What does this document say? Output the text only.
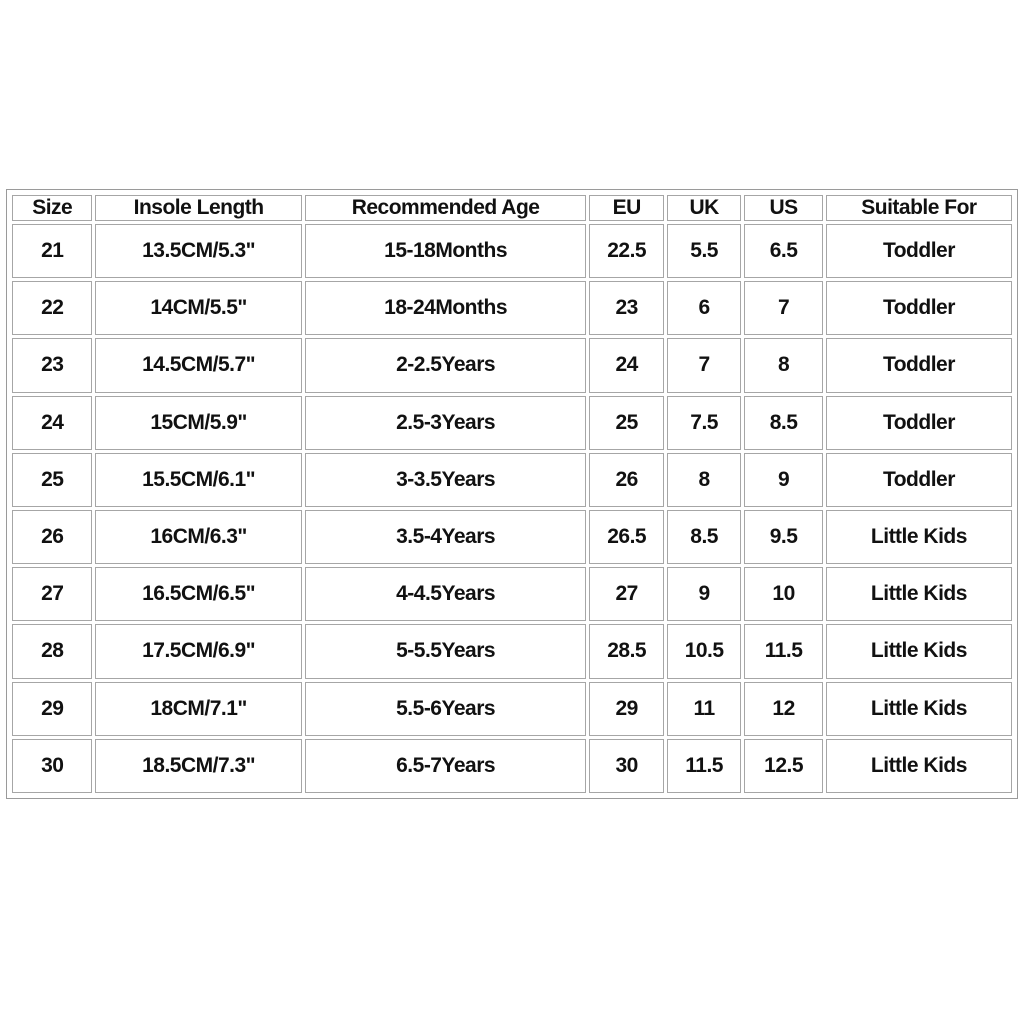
Size	Insole Length	Recommended Age	EU	UK	US	Suitable For
21	13.5CM/5.3"	15-18Months	22.5	5.5	6.5	Toddler
22	14CM/5.5"	18-24Months	23	6	7	Toddler
23	14.5CM/5.7"	2-2.5Years	24	7	8	Toddler
24	15CM/5.9"	2.5-3Years	25	7.5	8.5	Toddler
25	15.5CM/6.1"	3-3.5Years	26	8	9	Toddler
26	16CM/6.3"	3.5-4Years	26.5	8.5	9.5	Little Kids
27	16.5CM/6.5"	4-4.5Years	27	9	10	Little Kids
28	17.5CM/6.9"	5-5.5Years	28.5	10.5	11.5	Little Kids
29	18CM/7.1"	5.5-6Years	29	11	12	Little Kids
30	18.5CM/7.3"	6.5-7Years	30	11.5	12.5	Little Kids
